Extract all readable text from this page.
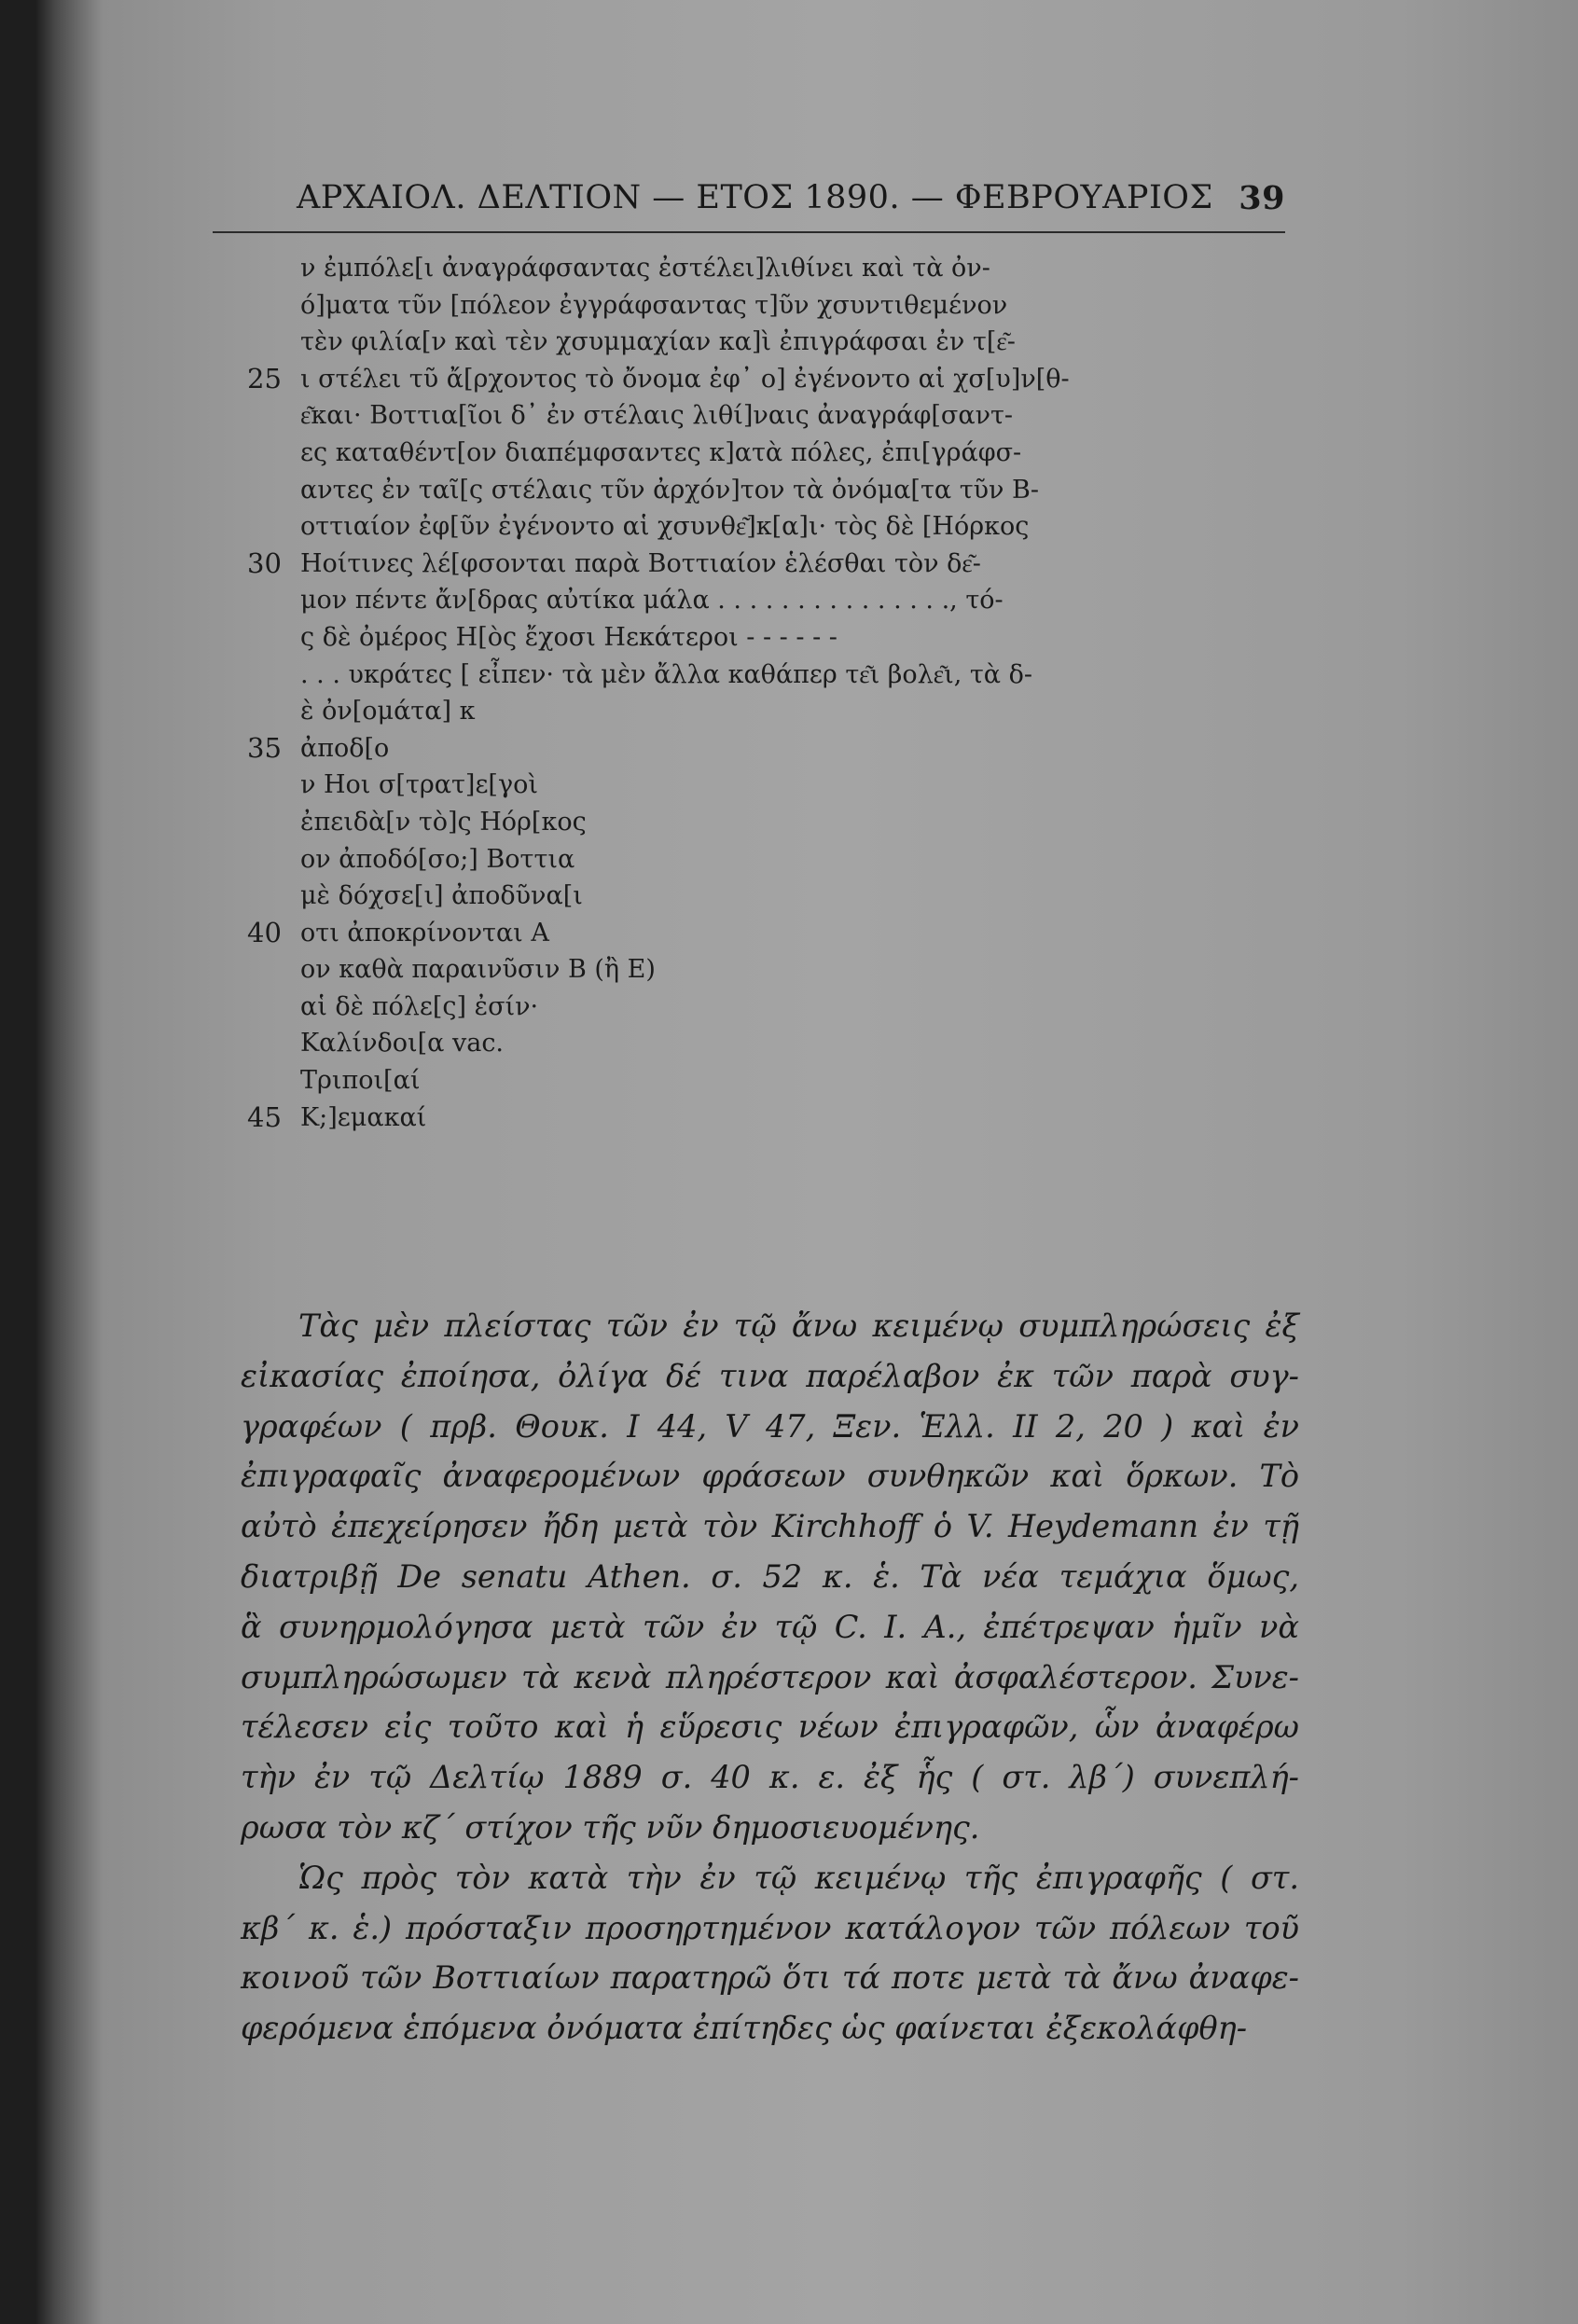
ΑΡΧΑΙΟΛ. ΔΕΛΤΙΟΝ — ΕΤΟΣ 1890. — ΦΕΒΡΟΥΑΡΙΟΣ 39
ν ἐμπόλε[ι ἀναγράφσαντας ἐστέλει]λιθίνει καὶ τὰ ὀν-
ό]ματα τῦν [πόλεον ἐγγράφσαντας τ]ῦν χσυντιθεμένον
τὲν φιλία[ν καὶ τὲν χσυμμαχίαν κα]ὶ ἐπιγράφσαι ἐν τ[ε͂-
25 ι στέλει τῦ ἄ[ρχοντος τὸ ὄνομα ἐφ᾿ ο] ἐγένοντο αἱ χσ[υ]ν[θ-
ε͂και· Βοττια[ῖοι δ᾿ ἐν στέλαις λιθί]ναις ἀναγράφ[σαντ-
ες καταθέντ[ον διαπέμφσαντες κ]ατὰ πόλες, ἐπι[γράφσ-
αντες ἐν ταῖ[ς στέλαις τῦν ἀρχόν]τον τὰ ὀνόμα[τα τῦν Β-
οττιαίον ἐφ[ῦν ἐγένοντο αἱ χσυνθε͂]κ[α]ι· τὸς δὲ [Hόρκος
30 Hοίτινες λέ[φσονται παρὰ Βοττιαίον ἑλέσθαι τὸν δε͂-
μον πέντε ἄν[δρας αὐτίκα μάλα . . . . . . . . . . . . . . ., τό-
ς δὲ ὀμέρος H[ὸς ἔχοσι Hεκάτεροι - - - - - -
. . . υκράτες [ εἶπεν· τὰ μὲν ἄλλα καθάπερ τε͂ι βολε͂ι, τὰ δ-
ὲ ὀν[ομάτα] κ
35 ἀποδ[ο
ν Hοι σ[τρατ]ε[γοὶ
ἐπειδὰ[ν τὸ]ς Hόρ[κος
ον ἀποδό[σο;] Βοττια
μὲ δόχσε[ι] ἀποδῦνα[ι
40 οτι ἀποκρίνονται Α
ον καθὰ παραινῦσιν Β (ἢ Ε)
αἱ δὲ πόλε[ς] ἐσίν·
Καλίνδοι[α vac.
Τριποι[αί
45 Κ;]εμακαί
Τὰς μὲν πλείστας τῶν ἐν τῷ ἄνω κειμένῳ συμπληρώσεις ἐξ
εἰκασίας ἐποίησα, ὀλίγα δέ τινα παρέλαβον ἐκ τῶν παρὰ συγ-
γραφέων ( πρβ. Θουκ. Ι 44, V 47, Ξεν. Ἑλλ. ΙΙ 2, 20 ) καὶ ἐν
ἐπιγραφαῖς ἀναφερομένων φράσεων συνθηκῶν καὶ ὅρκων. Τὸ
αὐτὸ ἐπεχείρησεν ἤδη μετὰ τὸν Kirchhoff ὁ V. Heydemann ἐν τῇ
διατριβῇ De senatu Athen. σ. 52 κ. ἑ. Τὰ νέα τεμάχια ὅμως,
ἃ συνηρμολόγησα μετὰ τῶν ἐν τῷ C. I. A., ἐπέτρεψαν ἡμῖν νὰ
συμπληρώσωμεν τὰ κενὰ πληρέστερον καὶ ἀσφαλέστερον. Συνε-
τέλεσεν εἰς τοῦτο καὶ ἡ εὕρεσις νέων ἐπιγραφῶν, ὧν ἀναφέρω
τὴν ἐν τῷ Δελτίῳ 1889 σ. 40 κ. ε. ἐξ ἧς ( στ. λβ´) συνεπλή-
ρωσα τὸν κζ´ στίχον τῆς νῦν δημοσιευομένης.
Ὡς πρὸς τὸν κατὰ τὴν ἐν τῷ κειμένῳ τῆς ἐπιγραφῆς ( στ.
κβ´ κ. ἑ.) πρόσταξιν προσηρτημένον κατάλογον τῶν πόλεων τοῦ
κοινοῦ τῶν Βοττιαίων παρατηρῶ ὅτι τά ποτε μετὰ τὰ ἄνω ἀναφε-
φερόμενα ἑπόμενα ὀνόματα ἐπίτηδες ὡς φαίνεται ἐξεκολάφθη-
